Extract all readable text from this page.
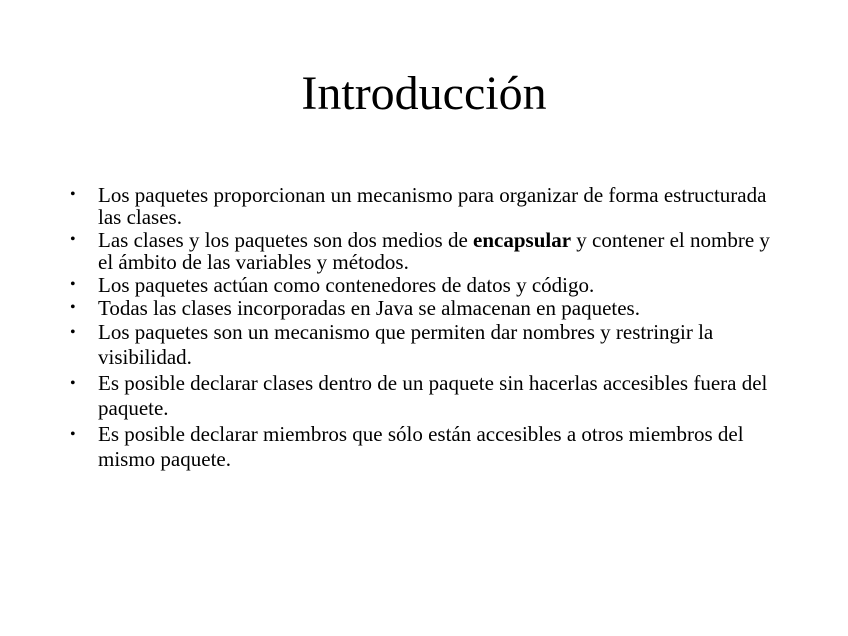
Introducción
•	Los paquetes proporcionan un mecanismo para organizar de forma estructurada las clases.
•	Las clases y los paquetes son dos medios de encapsular y contener el nombre y el ámbito de las variables y métodos.
•	Los paquetes actúan como contenedores de datos y código.
•	Todas las clases incorporadas en Java se almacenan en paquetes.
•	Los paquetes son un mecanismo que permiten dar nombres y restringir la visibilidad.
•	Es posible declarar clases dentro de un paquete sin hacerlas accesibles fuera del paquete.
•	Es posible declarar miembros que sólo están accesibles a otros miembros del mismo paquete.
